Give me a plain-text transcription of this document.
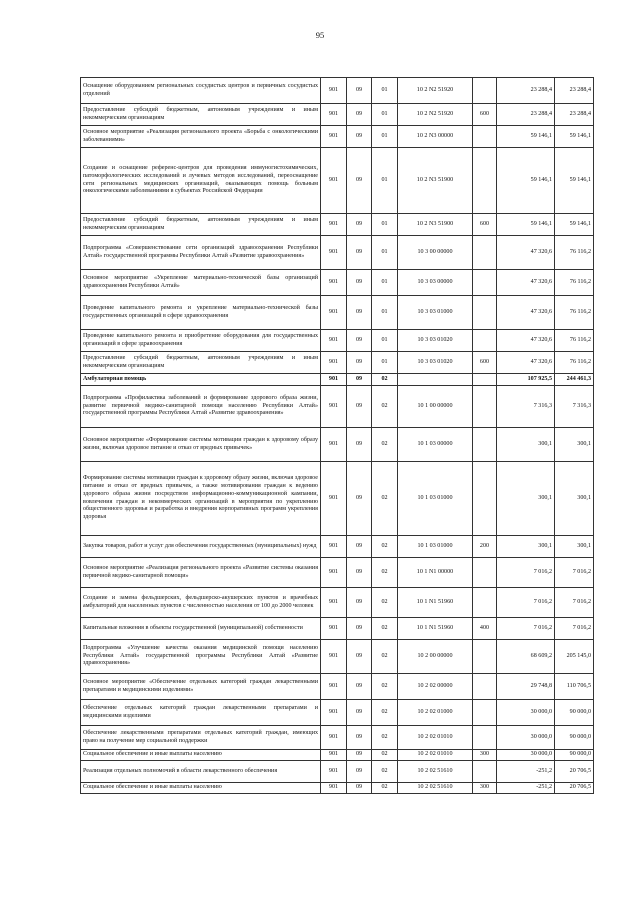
95
Оснащение оборудованием региональных сосудистых центров и первичных сосудистых отделений	901	09	01	10 2 N2 51920		23 288,4	23 288,4
Предоставление субсидий бюджетным, автономным учреждениям и иным некоммерческим организациям	901	09	01	10 2 N2 51920	600	23 288,4	23 288,4
Основное мероприятие «Реализация регионального проекта «Борьба с онкологическими заболеваниями»	901	09	01	10 2 N3 00000		59 146,1	59 146,1
Создание и оснащение референс-центров для проведения иммуногистохимических, патоморфологических исследований и лучевых методов исследований, переоснащение сети региональных медицинских организаций, оказывающих помощь больным онкологическими заболеваниями в субъектах Российской Федерации	901	09	01	10 2 N3 51900		59 146,1	59 146,1
Предоставление субсидий бюджетным, автономным учреждениям и иным некоммерческим организациям	901	09	01	10 2 N3 51900	600	59 146,1	59 146,1
Подпрограмма «Совершенствование сети организаций здравоохранения Республики Алтай» государственной программы Республики Алтай «Развитие здравоохранения»	901	09	01	10 3 00 00000		47 320,6	76 116,2
Основное мероприятие «Укрепление материально-технической базы организаций здравоохранения Республики Алтай»	901	09	01	10 3 03 00000		47 320,6	76 116,2
Проведение капитального ремонта и укрепление материально-технической базы государственных организаций в сфере здравоохранения	901	09	01	10 3 03 01000		47 320,6	76 116,2
Проведение капитального ремонта и приобретение оборудования для государственных организаций в сфере здравоохранения	901	09	01	10 3 03 01020		47 320,6	76 116,2
Предоставление субсидий бюджетным, автономным учреждениям и иным некоммерческим организациям	901	09	01	10 3 03 01020	600	47 320,6	76 116,2
Амбулаторная помощь	901	09	02			107 925,5	244 461,3
Подпрограмма «Профилактика заболеваний и формирование здорового образа жизни, развитие первичной медико-санитарной помощи населению Республики Алтай» государственной программы Республики Алтай «Развитие здравоохранения»	901	09	02	10 1 00 00000		7 316,3	7 316,3
Основное мероприятие «Формирование системы мотивации граждан к здоровому образу жизни, включая здоровое питание и отказ от вредных привычек»	901	09	02	10 1 03 00000		300,1	300,1
Формирование системы мотивации граждан к здоровому образу жизни, включая здоровое питание и отказ от вредных привычек, а также мотивирования граждан к ведению здорового образа жизни посредством информационно-коммуникационной кампании, вовлечения граждан и некоммерческих организаций в мероприятия по укреплению общественного здоровья и разработка и внедрения корпоративных программ укрепления здоровья	901	09	02	10 1 03 01000		300,1	300,1
Закупка товаров, работ и услуг для обеспечения государственных (муниципальных) нужд	901	09	02	10 1 03 01000	200	300,1	300,1
Основное мероприятие «Реализация регионального проекта «Развитие системы оказания первичной медико-санитарной помощи»	901	09	02	10 1 N1 00000		7 016,2	7 016,2
Создание и замена фельдшерских, фельдшерско-акушерских пунктов и врачебных амбулаторий для населенных пунктов с численностью населения от 100 до 2000 человек	901	09	02	10 1 N1 51960		7 016,2	7 016,2
Капитальные вложения в объекты государственной (муниципальной) собственности	901	09	02	10 1 N1 51960	400	7 016,2	7 016,2
Подпрограмма «Улучшение качества оказания медицинской помощи населению Республики Алтай» государственной программы Республики Алтай «Развитие здравоохранения»	901	09	02	10 2 00 00000		68 609,2	205 145,0
Основное мероприятие «Обеспечение отдельных категорий граждан лекарственными препаратами и медицинскими изделиями»	901	09	02	10 2 02 00000		29 748,8	110 706,5
Обеспечение отдельных категорий граждан лекарственными препаратами и медицинскими изделиями	901	09	02	10 2 02 01000		30 000,0	90 000,0
Обеспечение лекарственными препаратами отдельных категорий граждан, имеющих право на получение мер социальной поддержки	901	09	02	10 2 02 01010		30 000,0	90 000,0
Социальное обеспечение и иные выплаты населению	901	09	02	10 2 02 01010	300	30 000,0	90 000,0
Реализация отдельных полномочий в области лекарственного обеспечения	901	09	02	10 2 02 51610		-251,2	20 706,5
Социальное обеспечение и иные выплаты населению	901	09	02	10 2 02 51610	300	-251,2	20 706,5
